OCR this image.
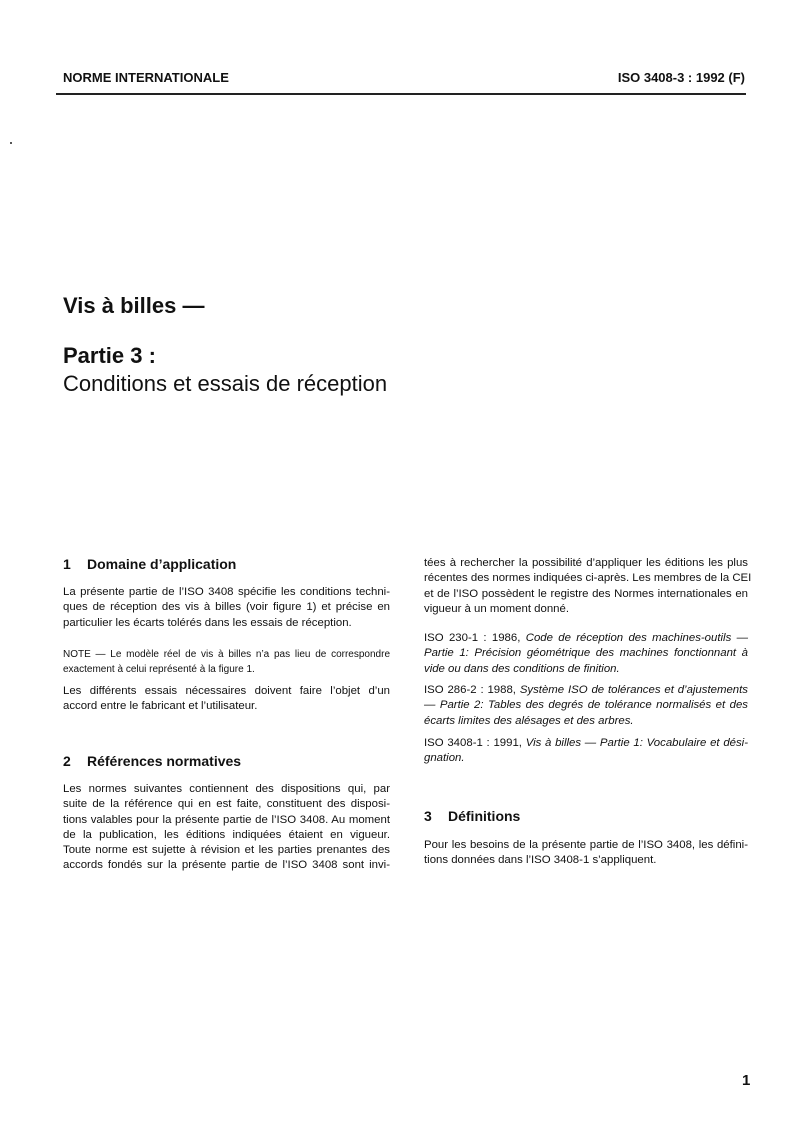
NORME INTERNATIONALE	ISO 3408-3 : 1992 (F)
Vis à billes —
Partie 3 :
Conditions et essais de réception
1 Domaine d’application
La présente partie de l’ISO 3408 spécifie les conditions techni-
ques de réception des vis à billes (voir figure 1) et précise en
particulier les écarts tolérés dans les essais de réception.
NOTE — Le modèle réel de vis à billes n’a pas lieu de correspondre
exactement à celui représenté à la figure 1.
Les différents essais nécessaires doivent faire l’objet d’un
accord entre le fabricant et l’utilisateur.
2 Références normatives
Les normes suivantes contiennent des dispositions qui, par
suite de la référence qui en est faite, constituent des disposi-
tions valables pour la présente partie de l’ISO 3408. Au moment
de la publication, les éditions indiquées étaient en vigueur.
Toute norme est sujette à révision et les parties prenantes des
accords fondés sur la présente partie de l’ISO 3408 sont invi-
tées à rechercher la possibilité d’appliquer les éditions les plus
récentes des normes indiquées ci-après. Les membres de la CEI
et de l’ISO possèdent le registre des Normes internationales en
vigueur à un moment donné.
ISO 230-1 : 1986, Code de réception des machines-outils —
Partie 1: Précision géométrique des machines fonctionnant à
vide ou dans des conditions de finition.
ISO 286-2 : 1988, Système ISO de tolérances et d’ajustements
— Partie 2: Tables des degrés de tolérance normalisés et des
écarts limites des alésages et des arbres.
ISO 3408-1 : 1991, Vis à billes — Partie 1: Vocabulaire et dési-
gnation.
3 Définitions
Pour les besoins de la présente partie de l’ISO 3408, les défini-
tions données dans l’ISO 3408-1 s’appliquent.
1
